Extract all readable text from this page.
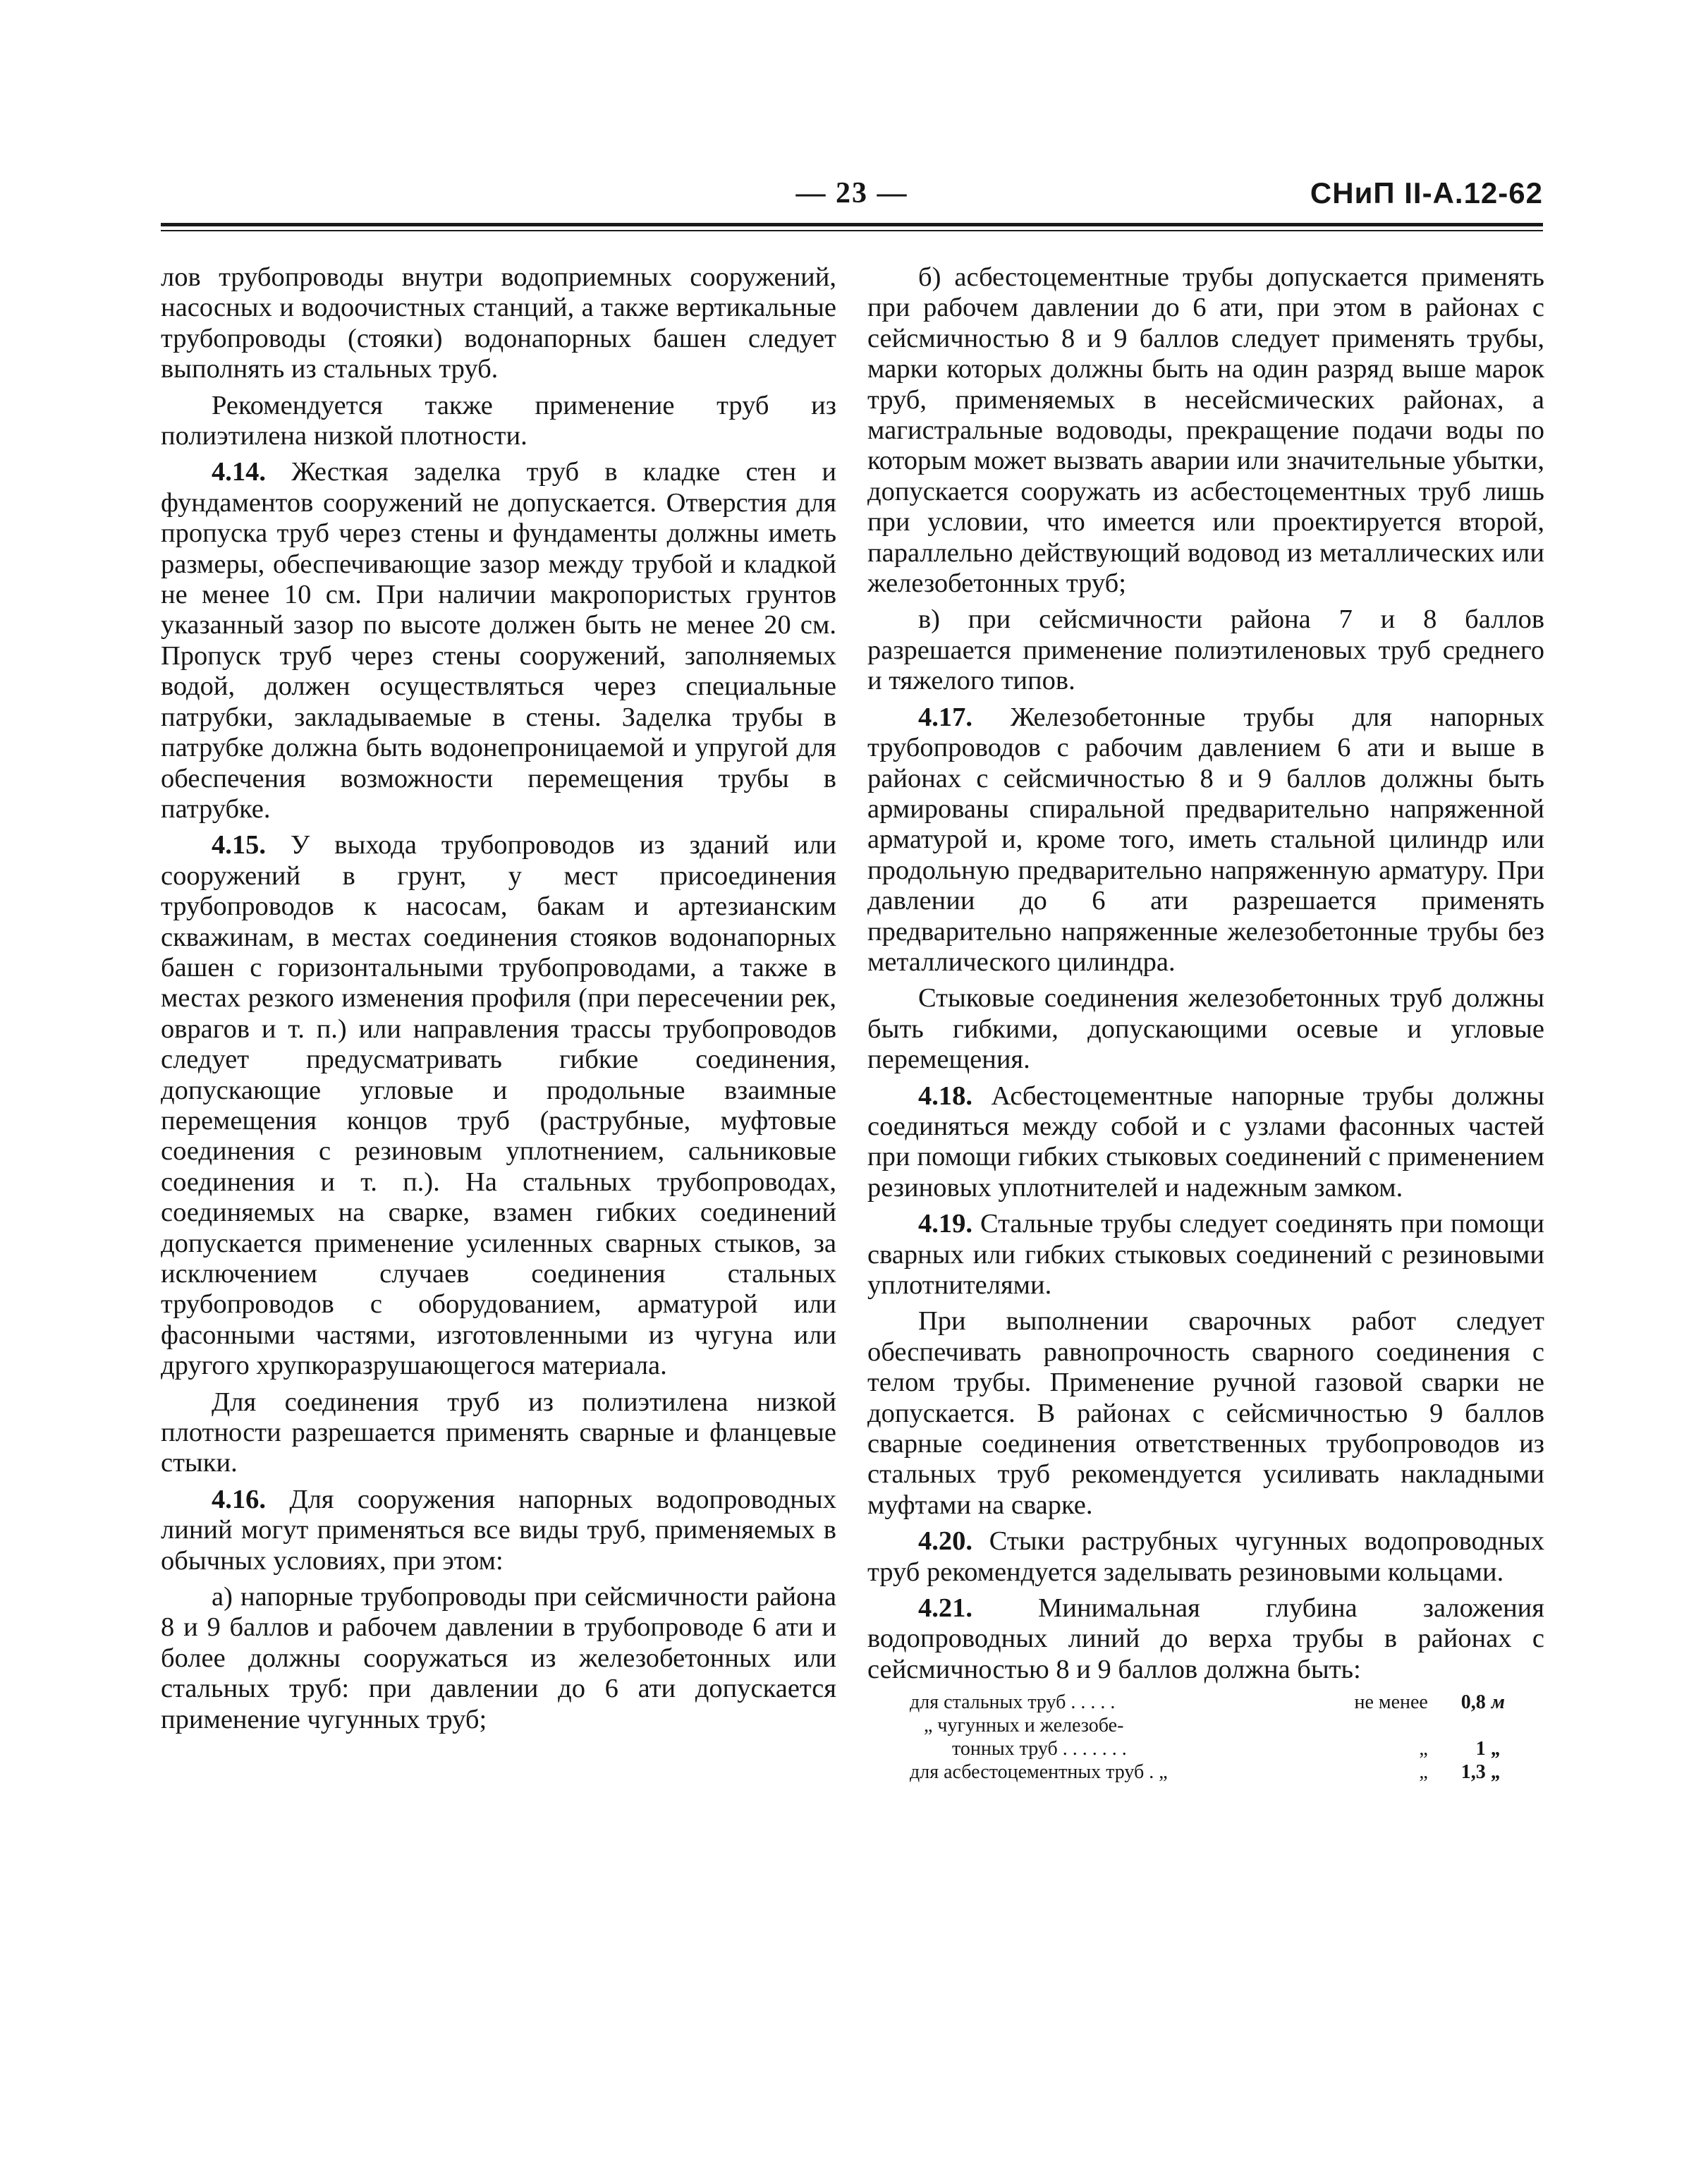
— 23 —	СНиП II-А.12-62

лов трубопроводы внутри водоприемных сооружений, насосных и водоочистных станций, а также вертикальные трубопроводы (стояки) водонапорных башен следует выполнять из стальных труб.

Рекомендуется также применение труб из полиэтилена низкой плотности.

4.14. Жесткая заделка труб в кладке стен и фундаментов сооружений не допускается. Отверстия для пропуска труб через стены и фундаменты должны иметь размеры, обеспечивающие зазор между трубой и кладкой не менее 10 см. При наличии макропористых грунтов указанный зазор по высоте должен быть не менее 20 см. Пропуск труб через стены сооружений, заполняемых водой, должен осуществляться через специальные патрубки, закладываемые в стены. Заделка трубы в патрубке должна быть водонепроницаемой и упругой для обеспечения возможности перемещения трубы в патрубке.

4.15. У выхода трубопроводов из зданий или сооружений в грунт, у мест присоединения трубопроводов к насосам, бакам и артезианским скважинам, в местах соединения стояков водонапорных башен с горизонтальными трубопроводами, а также в местах резкого изменения профиля (при пересечении рек, оврагов и т. п.) или направления трассы трубопроводов следует предусматривать гибкие соединения, допускающие угловые и продольные взаимные перемещения концов труб (раструбные, муфтовые соединения с резиновым уплотнением, сальниковые соединения и т. п.). На стальных трубопроводах, соединяемых на сварке, взамен гибких соединений допускается применение усиленных сварных стыков, за исключением случаев соединения стальных трубопроводов с оборудованием, арматурой или фасонными частями, изготовленными из чугуна или другого хрупкоразрушающегося материала.

Для соединения труб из полиэтилена низкой плотности разрешается применять сварные и фланцевые стыки.

4.16. Для сооружения напорных водопроводных линий могут применяться все виды труб, применяемых в обычных условиях, при этом:

а) напорные трубопроводы при сейсмичности района 8 и 9 баллов и рабочем давлении в трубопроводе 6 ати и более должны сооружаться из железобетонных или стальных труб: при давлении до 6 ати допускается применение чугунных труб;

б) асбестоцементные трубы допускается применять при рабочем давлении до 6 ати, при этом в районах с сейсмичностью 8 и 9 баллов следует применять трубы, марки которых должны быть на один разряд выше марок труб, применяемых в несейсмических районах, а магистральные водоводы, прекращение подачи воды по которым может вызвать аварии или значительные убытки, допускается сооружать из асбестоцементных труб лишь при условии, что имеется или проектируется второй, параллельно действующий водовод из металлических или железобетонных труб;

в) при сейсмичности района 7 и 8 баллов разрешается применение полиэтиленовых труб среднего и тяжелого типов.

4.17. Железобетонные трубы для напорных трубопроводов с рабочим давлением 6 ати и выше в районах с сейсмичностью 8 и 9 баллов должны быть армированы спиральной предварительно напряженной арматурой и, кроме того, иметь стальной цилиндр или продольную предварительно напряженную арматуру. При давлении до 6 ати разрешается применять предварительно напряженные железобетонные трубы без металлического цилиндра.

Стыковые соединения железобетонных труб должны быть гибкими, допускающими осевые и угловые перемещения.

4.18. Асбестоцементные напорные трубы должны соединяться между собой и с узлами фасонных частей при помощи гибких стыковых соединений с применением резиновых уплотнителей и надежным замком.

4.19. Стальные трубы следует соединять при помощи сварных или гибких стыковых соединений с резиновыми уплотнителями.

При выполнении сварочных работ следует обеспечивать равнопрочность сварного соединения с телом трубы. Применение ручной газовой сварки не допускается. В районах с сейсмичностью 9 баллов сварные соединения ответственных трубопроводов из стальных труб рекомендуется усиливать накладными муфтами на сварке.

4.20. Стыки раструбных чугунных водопроводных труб рекомендуется заделывать резиновыми кольцами.

4.21. Минимальная глубина заложения водопроводных линий до верха трубы в районах с сейсмичностью 8 и 9 баллов должна быть:

для стальных труб . . . . .	не менее	0,8	м
„ чугунных и железобе-			
тонных труб . . . . . . .	„	1	„
для асбестоцементных труб . „	„	1,3	„
